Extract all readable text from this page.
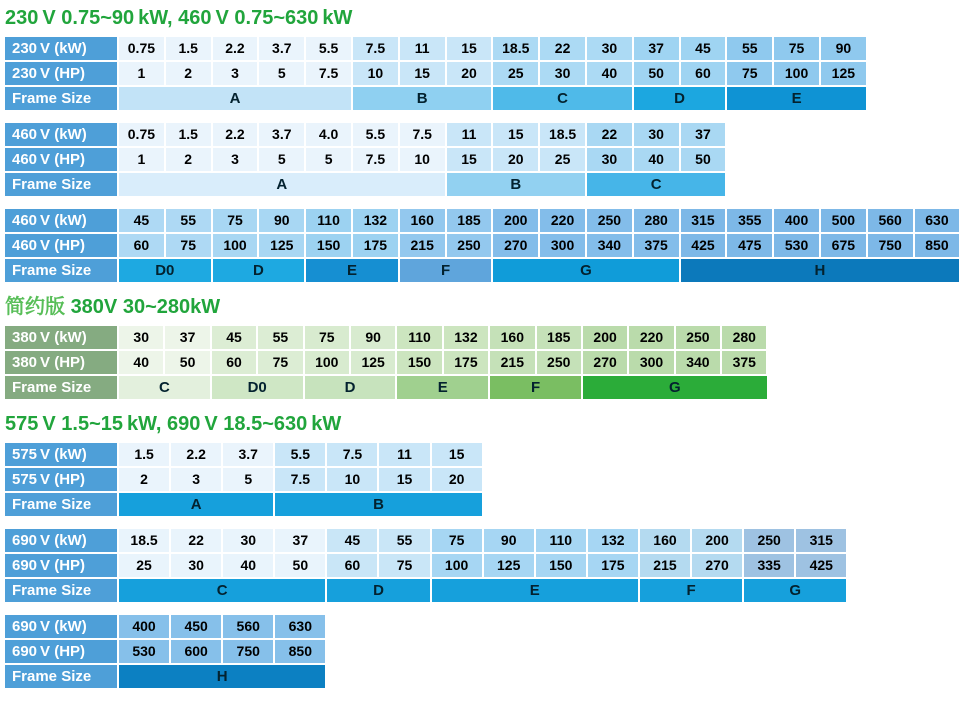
230 V 0.75~90 kW, 460 V 0.75~630 kW
230 V (kW)	0.75	1.5	2.2	3.7	5.5	7.5	11	15	18.5	22	30	37	45	55	75	90
230 V (HP)	1	2	3	5	7.5	10	15	20	25	30	40	50	60	75	100	125
Frame Size	A	B	C	D	E
460 V (kW)	0.75	1.5	2.2	3.7	4.0	5.5	7.5	11	15	18.5	22	30	37
460 V (HP)	1	2	3	5	5	7.5	10	15	20	25	30	40	50
Frame Size	A	B	C
460 V (kW)	45	55	75	90	110	132	160	185	200	220	250	280	315	355	400	500	560	630
460 V (HP)	60	75	100	125	150	175	215	250	270	300	340	375	425	475	530	675	750	850
Frame Size	D0	D	E	F	G	H
简约版 380V 30~280kW
380 V (kW)	30	37	45	55	75	90	110	132	160	185	200	220	250	280
380 V (HP)	40	50	60	75	100	125	150	175	215	250	270	300	340	375
Frame Size	C	D0	D	E	F	G
575 V 1.5~15 kW, 690 V 18.5~630 kW
575 V (kW)	1.5	2.2	3.7	5.5	7.5	11	15
575 V (HP)	2	3	5	7.5	10	15	20
Frame Size	A	B
690 V (kW)	18.5	22	30	37	45	55	75	90	110	132	160	200	250	315
690 V (HP)	25	30	40	50	60	75	100	125	150	175	215	270	335	425
Frame Size	C	D	E	F	G
690 V (kW)	400	450	560	630
690 V (HP)	530	600	750	850
Frame Size	H
